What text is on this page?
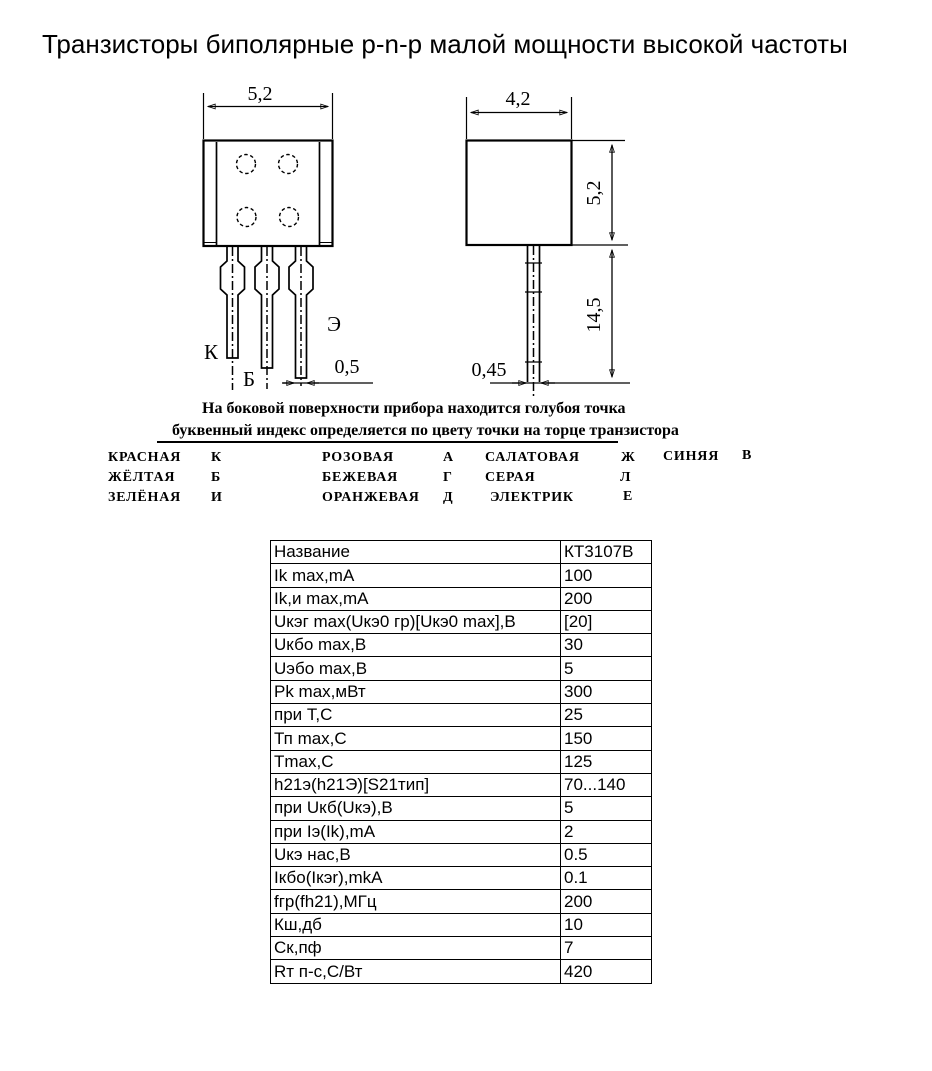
Транзисторы биполярные p-n-p малой мощности высокой частоты
5,2	4,2
5,2
14,5
0,5	0,45
К
Б
Э
На боковой поверхности прибора находится голубоя точка
буквенный индекс определяется по цвету точки на торце транзистора
КРАСНАЯ К	РОЗОВАЯ	А САЛАТОВАЯ	Ж СИНЯЯ В
ЖЁЛТАЯ	Б	БЕЖЕВАЯ	Г СЕРАЯ	Л
ЗЕЛЁНАЯ И	ОРАНЖЕВАЯ Д	ЭЛЕКТРИК	Е
Название	КТ3107В
Ik max,mA	100
Ik,и max,mA	200
Uкэг max(Uкэ0 гр)[Uкэ0 max],B	[20]
Uкбо max,B	30
Uэбо max,B	5
Pk max,мВт	300
при T,C	25
Тп max,C	150
Tmax,C	125
h21э(h21Э)[S21тип]	70...140
при Uкб(Uкэ),B	5
при Iэ(Ik),mA	2
Uкэ нас,B	0.5
Iкбо(Iкэr),mkA	0.1
fгр(fh21),МГц	200
Кш,дб	10
Ск,пф	7
Rт п-с,C/Вт	420
